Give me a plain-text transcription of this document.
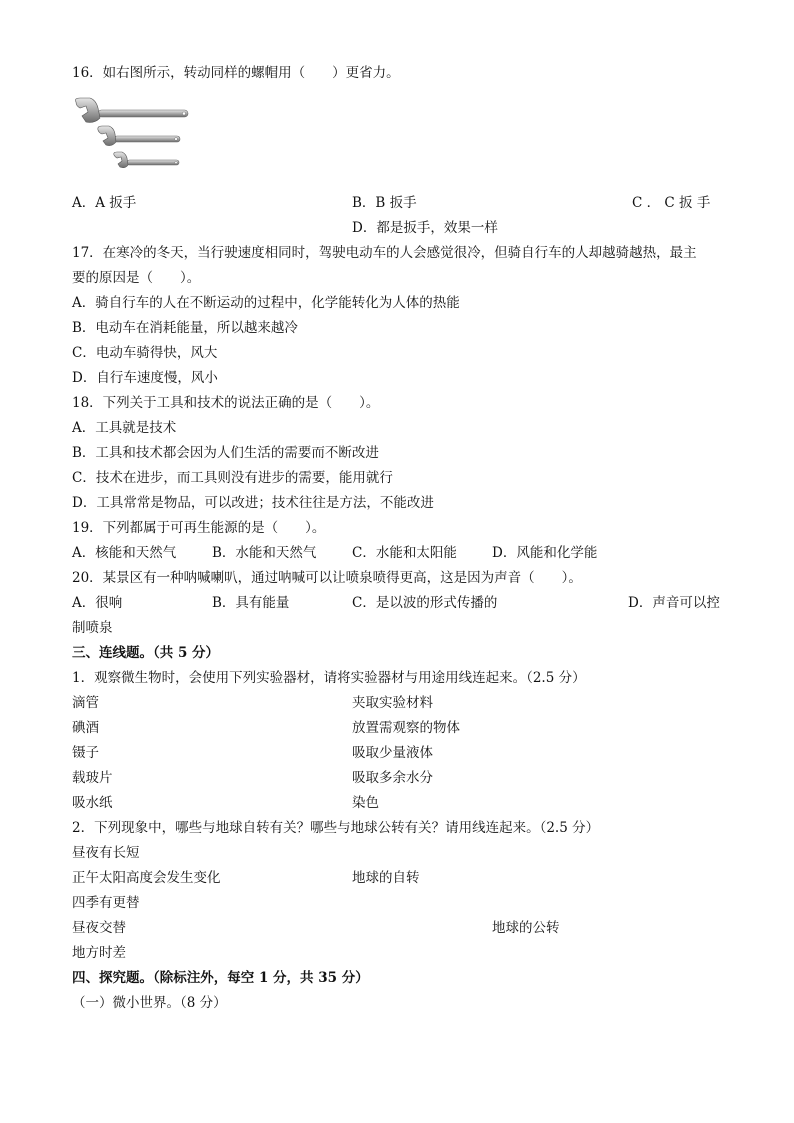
16．如右图所示，转动同样的螺帽用（　　）更省力。
A．A 扳手	B．B 扳手	C ． C 扳 手
D．都是扳手，效果一样
17．在寒冷的冬天，当行驶速度相同时，驾驶电动车的人会感觉很冷，但骑自行车的人却越骑越热，最主
要的原因是（　　）。
A．骑自行车的人在不断运动的过程中，化学能转化为人体的热能
B．电动车在消耗能量，所以越来越冷
C．电动车骑得快，风大
D．自行车速度慢，风小
18．下列关于工具和技术的说法正确的是（　　）。
A．工具就是技术
B．工具和技术都会因为人们生活的需要而不断改进
C．技术在进步，而工具则没有进步的需要，能用就行
D．工具常常是物品，可以改进；技术往往是方法，不能改进
19．下列都属于可再生能源的是（　　）。
A．核能和天然气	B．水能和天然气	C．水能和太阳能	D．风能和化学能
20．某景区有一种呐喊喇叭，通过呐喊可以让喷泉喷得更高，这是因为声音（　　）。
A．很响	B．具有能量	C．是以波的形式传播的	D．声音可以控
制喷泉
三、连线题。（共 5 分）
1．观察微生物时，会使用下列实验器材，请将实验器材与用途用线连起来。（2.5 分）
滴管	夹取实验材料
碘酒	放置需观察的物体
镊子	吸取少量液体
载玻片	吸取多余水分
吸水纸	染色
2．下列现象中，哪些与地球自转有关？哪些与地球公转有关？请用线连起来。（2.5 分）
昼夜有长短
正午太阳高度会发生变化	地球的自转
四季有更替
昼夜交替	地球的公转
地方时差
四、探究题。（除标注外，每空 1 分，共 35 分）
（一）微小世界。（8 分）
